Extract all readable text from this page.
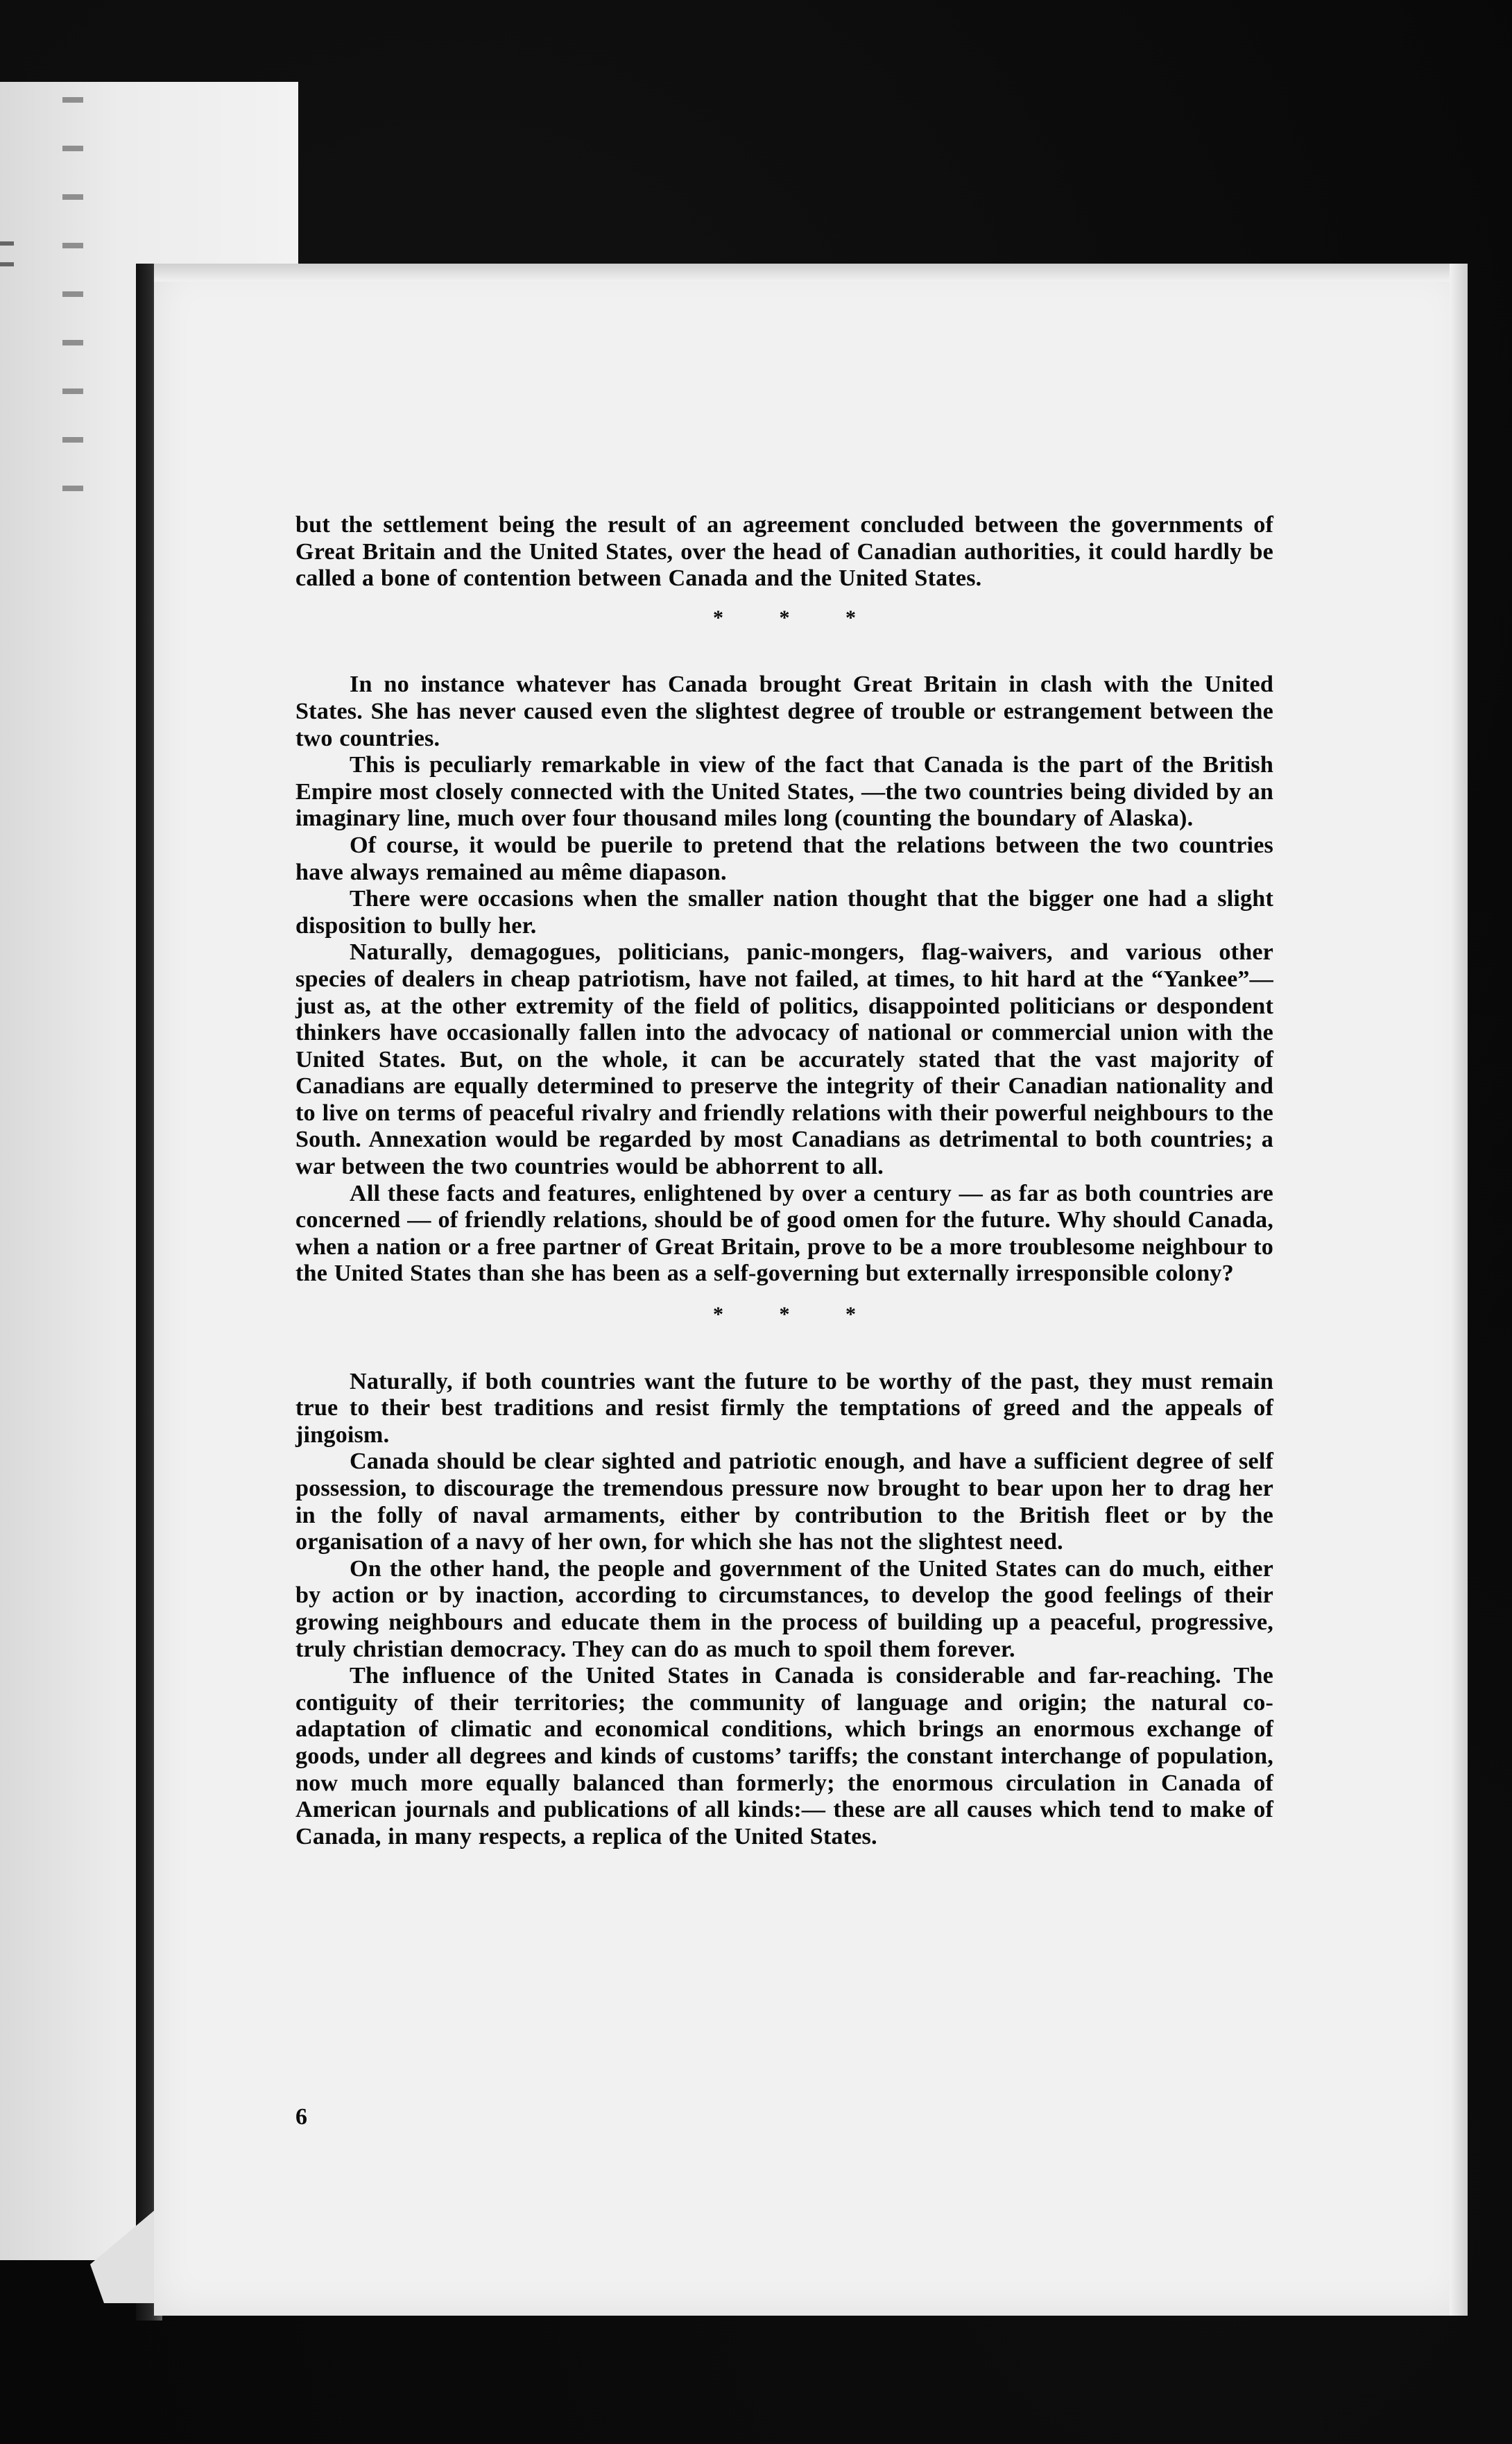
but the settlement being the result of an agreement concluded between the governments of Great Britain and the United States, over the head of Canadian authorities, it could hardly be called a bone of contention between Canada and the United States.

* * *

In no instance whatever has Canada brought Great Britain in clash with the United States. She has never caused even the slightest degree of trouble or estrangement between the two countries.

This is peculiarly remarkable in view of the fact that Canada is the part of the British Empire most closely connected with the United States, —the two countries being divided by an imaginary line, much over four thousand miles long (counting the boundary of Alaska).

Of course, it would be puerile to pretend that the relations between the two countries have always remained au même diapason.

There were occasions when the smaller nation thought that the bigger one had a slight disposition to bully her.

Naturally, demagogues, politicians, panic-mongers, flag-waivers, and various other species of dealers in cheap patriotism, have not failed, at times, to hit hard at the “Yankee”—just as, at the other extremity of the field of politics, disappointed politicians or despondent thinkers have occasionally fallen into the advocacy of national or commercial union with the United States. But, on the whole, it can be accurately stated that the vast majority of Canadians are equally determined to preserve the integrity of their Canadian nationality and to live on terms of peaceful rivalry and friendly relations with their powerful neighbours to the South. Annexation would be regarded by most Canadians as detrimental to both countries; a war between the two countries would be abhorrent to all.

All these facts and features, enlightened by over a century — as far as both countries are concerned — of friendly relations, should be of good omen for the future. Why should Canada, when a nation or a free partner of Great Britain, prove to be a more troublesome neighbour to the United States than she has been as a self-governing but externally irresponsible colony?

* * *

Naturally, if both countries want the future to be worthy of the past, they must remain true to their best traditions and resist firmly the temptations of greed and the appeals of jingoism.

Canada should be clear sighted and patriotic enough, and have a sufficient degree of self possession, to discourage the tremendous pressure now brought to bear upon her to drag her in the folly of naval armaments, either by contribution to the British fleet or by the organisation of a navy of her own, for which she has not the slightest need.

On the other hand, the people and government of the United States can do much, either by action or by inaction, according to circumstances, to develop the good feelings of their growing neighbours and educate them in the process of building up a peaceful, progressive, truly christian democracy. They can do as much to spoil them forever.

The influence of the United States in Canada is considerable and far-reaching. The contiguity of their territories; the community of language and origin; the natural co-adaptation of climatic and economical conditions, which brings an enormous exchange of goods, under all degrees and kinds of customs’ tariffs; the constant interchange of population, now much more equally balanced than formerly; the enormous circulation in Canada of American journals and publications of all kinds:— these are all causes which tend to make of Canada, in many respects, a replica of the United States.

6
